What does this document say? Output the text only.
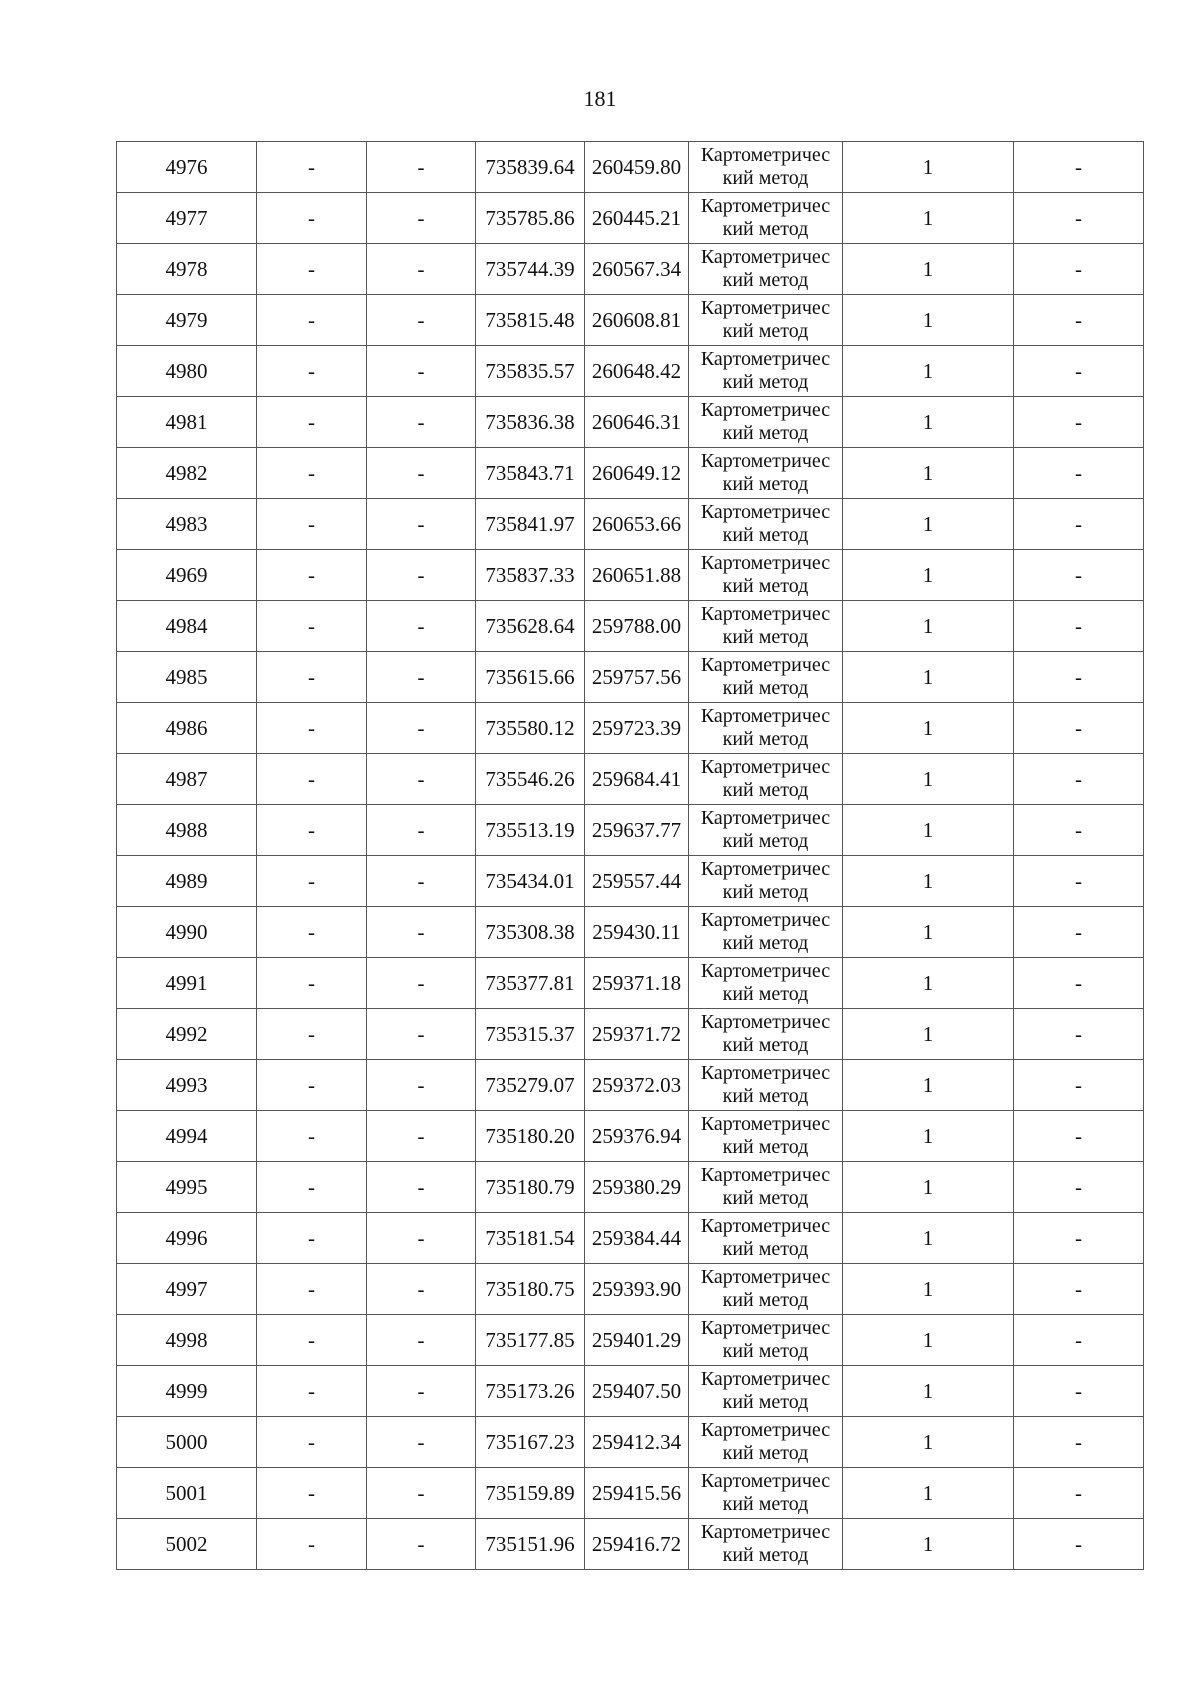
181
4976	-	-	735839.64	260459.80	Картометричес
кий метод	1	-
4977	-	-	735785.86	260445.21	Картометричес
кий метод	1	-
4978	-	-	735744.39	260567.34	Картометричес
кий метод	1	-
4979	-	-	735815.48	260608.81	Картометричес
кий метод	1	-
4980	-	-	735835.57	260648.42	Картометричес
кий метод	1	-
4981	-	-	735836.38	260646.31	Картометричес
кий метод	1	-
4982	-	-	735843.71	260649.12	Картометричес
кий метод	1	-
4983	-	-	735841.97	260653.66	Картометричес
кий метод	1	-
4969	-	-	735837.33	260651.88	Картометричес
кий метод	1	-
4984	-	-	735628.64	259788.00	Картометричес
кий метод	1	-
4985	-	-	735615.66	259757.56	Картометричес
кий метод	1	-
4986	-	-	735580.12	259723.39	Картометричес
кий метод	1	-
4987	-	-	735546.26	259684.41	Картометричес
кий метод	1	-
4988	-	-	735513.19	259637.77	Картометричес
кий метод	1	-
4989	-	-	735434.01	259557.44	Картометричес
кий метод	1	-
4990	-	-	735308.38	259430.11	Картометричес
кий метод	1	-
4991	-	-	735377.81	259371.18	Картометричес
кий метод	1	-
4992	-	-	735315.37	259371.72	Картометричес
кий метод	1	-
4993	-	-	735279.07	259372.03	Картометричес
кий метод	1	-
4994	-	-	735180.20	259376.94	Картометричес
кий метод	1	-
4995	-	-	735180.79	259380.29	Картометричес
кий метод	1	-
4996	-	-	735181.54	259384.44	Картометричес
кий метод	1	-
4997	-	-	735180.75	259393.90	Картометричес
кий метод	1	-
4998	-	-	735177.85	259401.29	Картометричес
кий метод	1	-
4999	-	-	735173.26	259407.50	Картометричес
кий метод	1	-
5000	-	-	735167.23	259412.34	Картометричес
кий метод	1	-
5001	-	-	735159.89	259415.56	Картометричес
кий метод	1	-
5002	-	-	735151.96	259416.72	Картометричес
кий метод	1	-
